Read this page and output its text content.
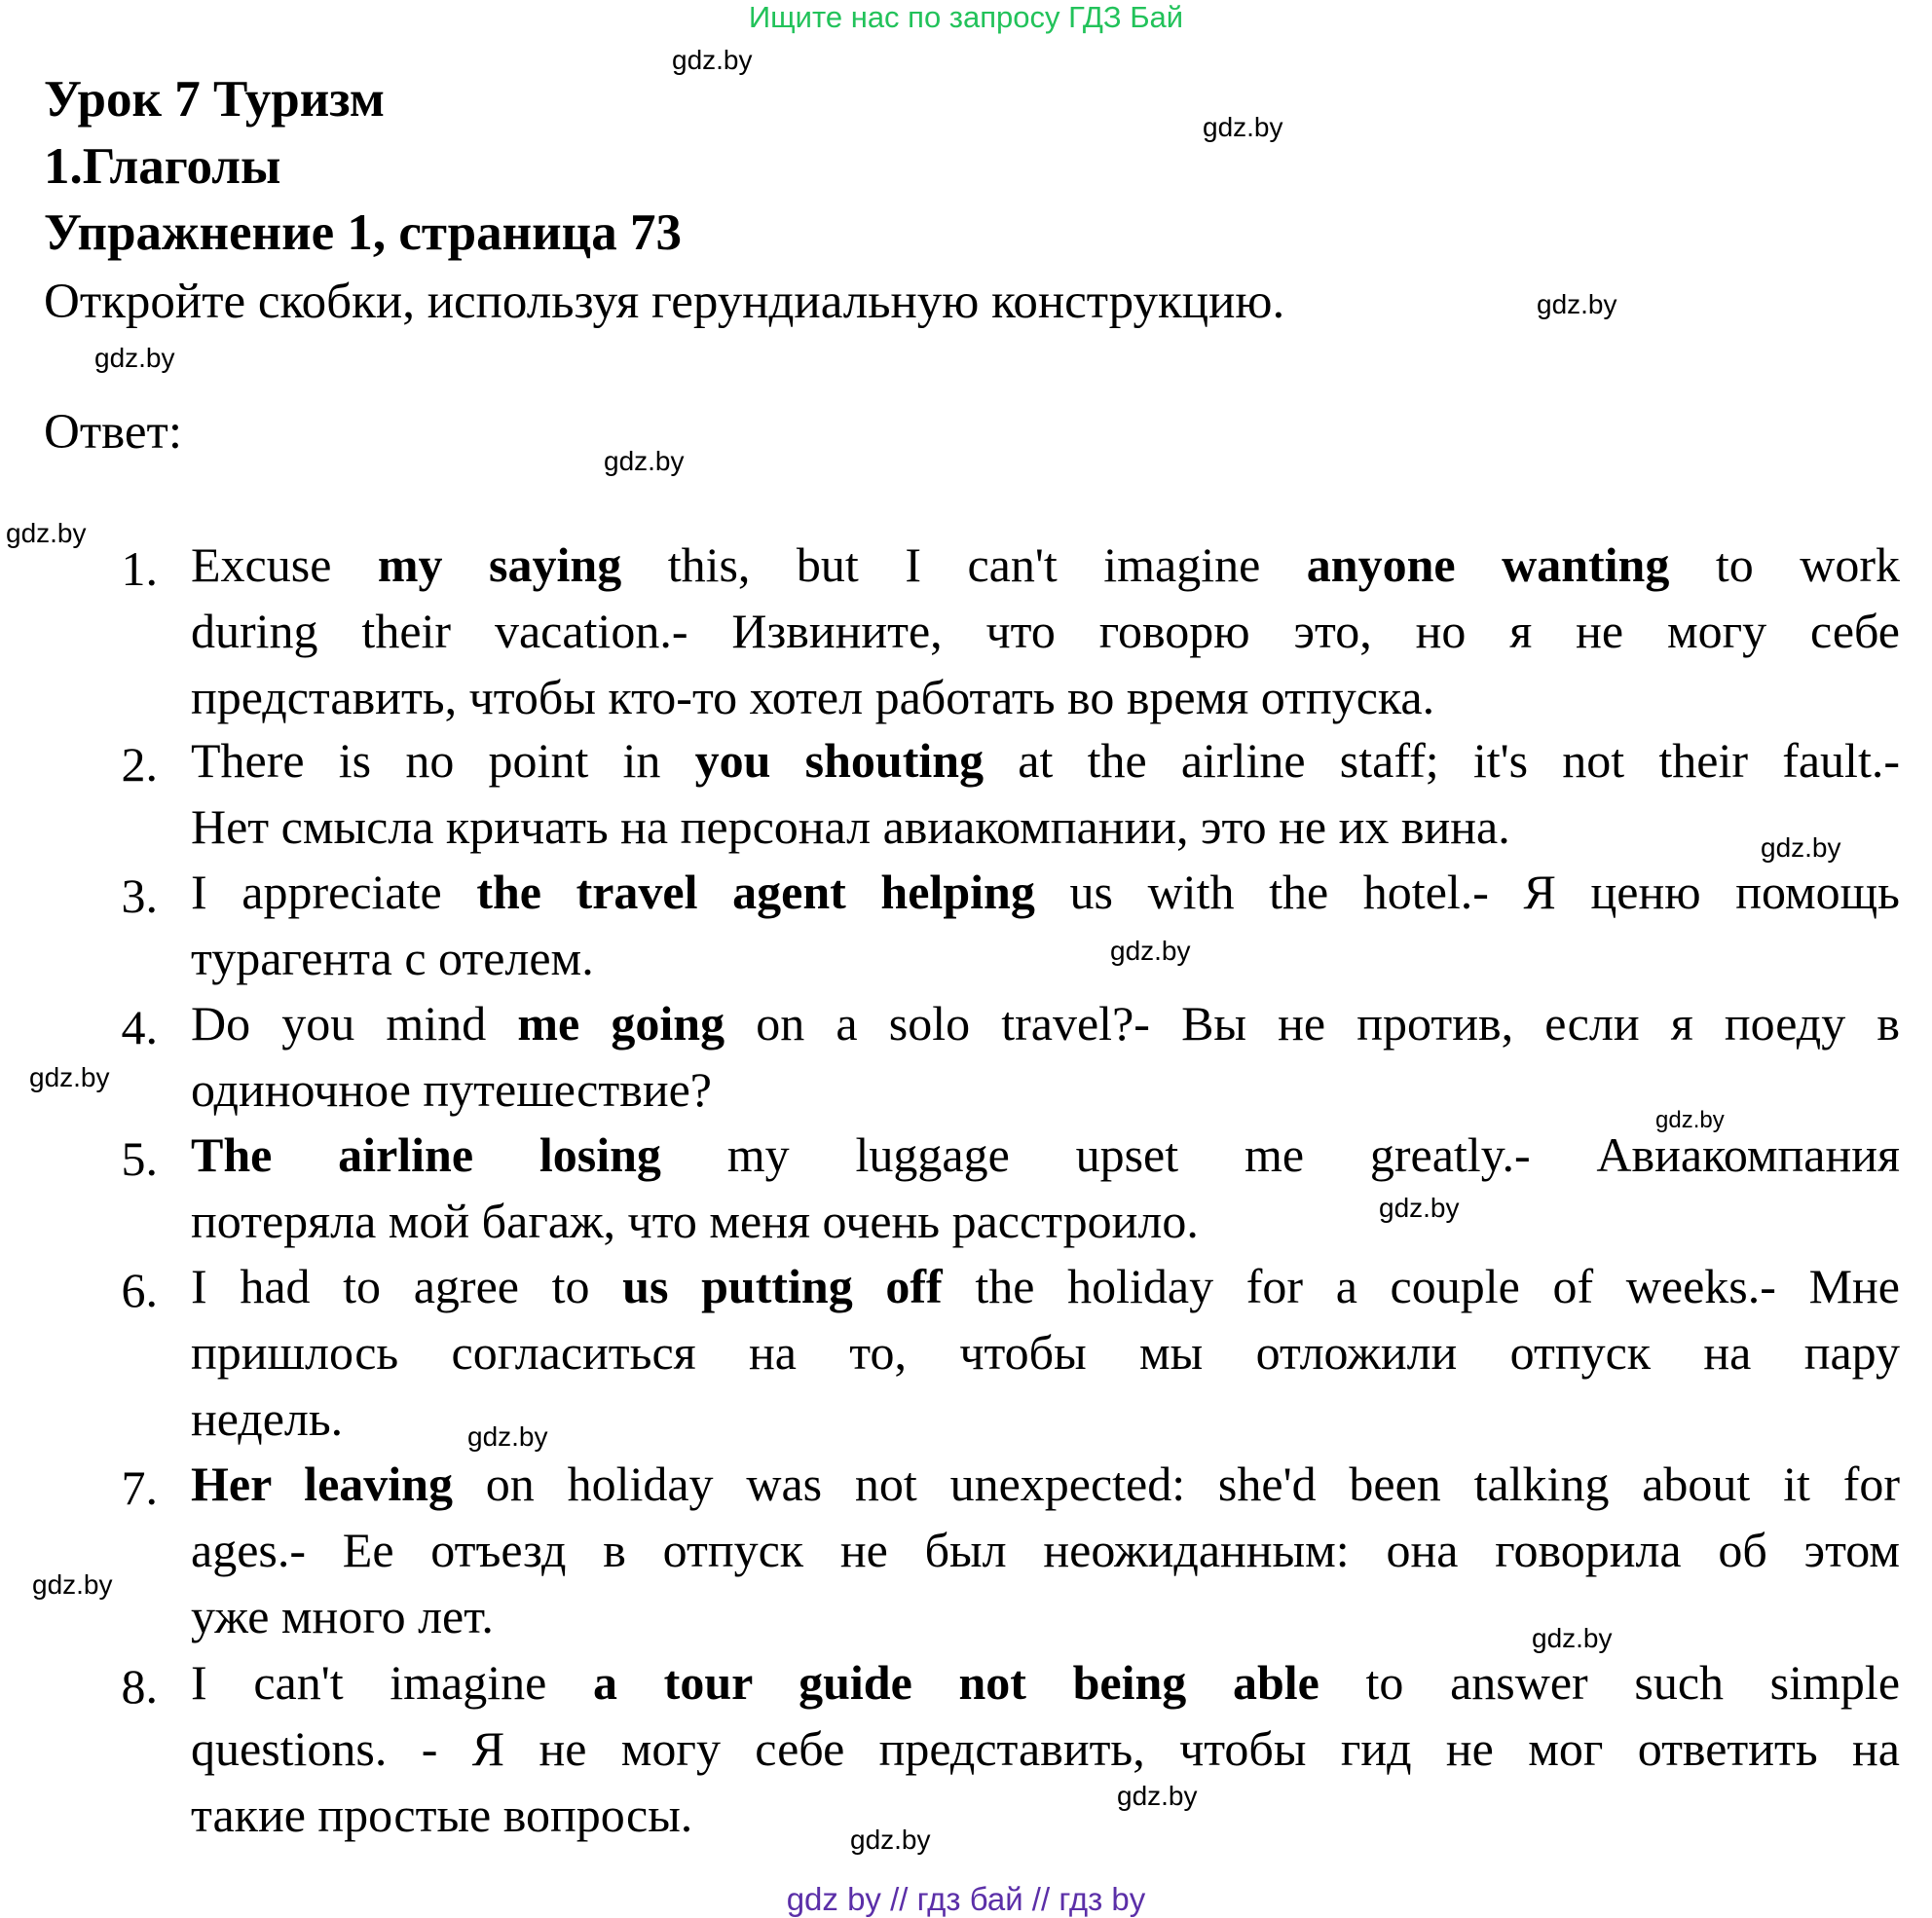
Ищите нас по запросу ГДЗ Бай
gdz.by
gdz.by
gdz.by
gdz.by
gdz.by
gdz.by
gdz.by
gdz.by
gdz.by
gdz.by
gdz.by
gdz.by
gdz.by
gdz.by
gdz.by
gdz.by
Урок 7 Туризм
1.Глаголы
Упражнение 1, страница 73
Откройте скобки, используя герундиальную конструкцию.
Ответ:
1. Excuse my saying this, but I can't imagine anyone wanting to work
during their vacation.- Извините, что говорю это, но я не могу себе
представить, чтобы кто-то хотел работать во время отпуска.
2. There is no point in you shouting at the airline staff; it's not their fault.-
Нет смысла кричать на персонал авиакомпании, это не их вина.
3. I appreciate the travel agent helping us with the hotel.- Я ценю помощь
турагента с отелем.
4. Do you mind me going on a solo travel?- Вы не против, если я поеду в
одиночное путешествие?
5. The airline losing my luggage upset me greatly.- Авиакомпания
потеряла мой багаж, что меня очень расстроило.
6. I had to agree to us putting off the holiday for a couple of weeks.- Мне
пришлось согласиться на то, чтобы мы отложили отпуск на пару
недель.
7. Her leaving on holiday was not unexpected: she'd been talking about it for
ages.- Ее отъезд в отпуск не был неожиданным: она говорила об этом
уже много лет.
8. I can't imagine a tour guide not being able to answer such simple
questions. - Я не могу себе представить, чтобы гид не мог ответить на
такие простые вопросы.
gdz by // гдз бай // гдз by
